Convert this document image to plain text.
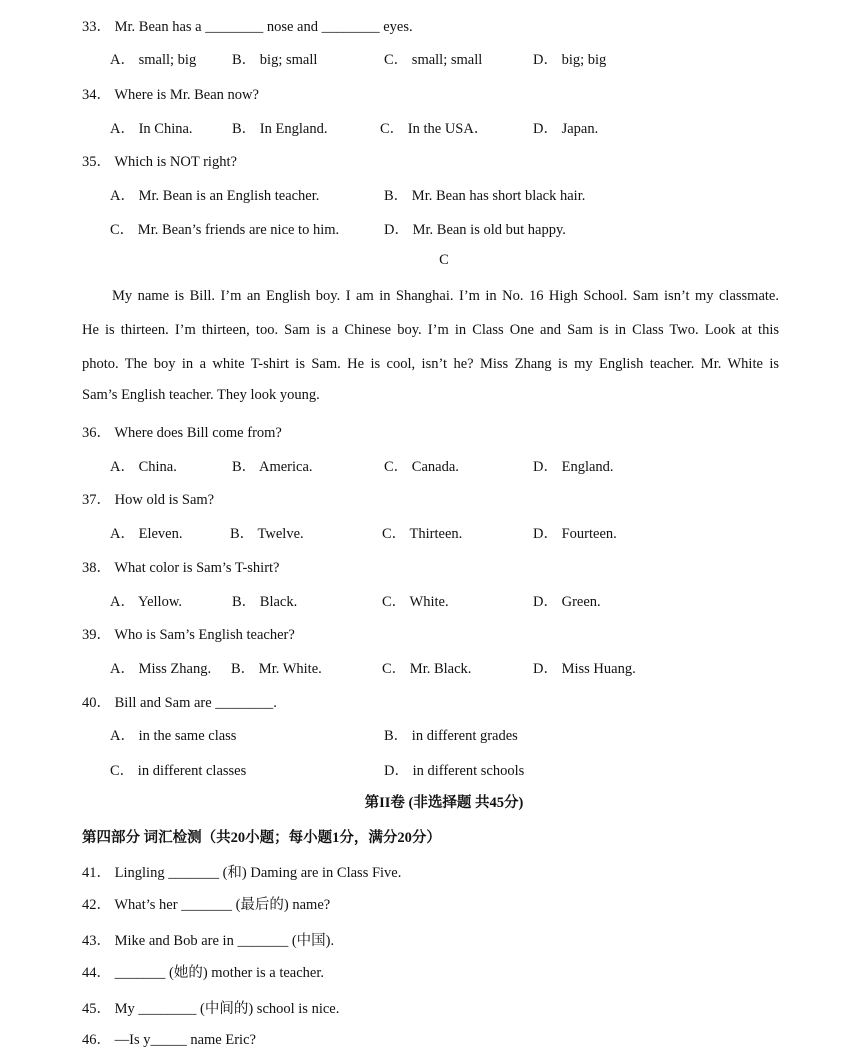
33． Mr. Bean has a ________ nose and ________ eyes.
A． small; big B． big; small	C． small; small	D． big; big
34． Where is Mr. Bean now?
A． In China.	B． In England.	C． In the USA．	D． Japan.
35． Which is NOT right?
A． Mr. Bean is an English teacher.	B． Mr. Bean has short black hair.
C． Mr. Bean’s friends are nice to him.	D． Mr. Bean is old but happy.
C
My name is Bill. I’m an English boy. I am in Shanghai. I’m in No. 16 High School. Sam isn’t my classmate.
He is thirteen. I’m thirteen, too. Sam is a Chinese boy. I’m in Class One and Sam is in Class Two. Look at this
photo. The boy in a white T-shirt is Sam. He is cool, isn’t he? Miss Zhang is my English teacher. Mr. White is
Sam’s English teacher. They look young.
36． Where does Bill come from?
A． China.	B． America.	C． Canada.	D． England.
37． How old is Sam?
A． Eleven.	B． Twelve.	C． Thirteen.	D． Fourteen.
38． What color is Sam’s T-shirt?
A． Yellow.	B． Black.	C． White.	D． Green.
39． Who is Sam’s English teacher?
A． Miss Zhang. B． Mr. White.	C． Mr. Black.	D． Miss Huang.
40． Bill and Sam are ________.
A． in the same class	B． in different grades
C． in different classes	D． in different schools
第II卷 (非选择题 共45分)
第四部分 词汇检测（共20小题；每小题1分，满分20分）
41． Lingling _______ (和) Daming are in Class Five.
42． What’s her _______ (最后的) name?
43． Mike and Bob are in _______ (中国).
44． _______ (她的) mother is a teacher.
45． My ________ (中间的) school is nice.
46． —Is y_____ name Eric?
